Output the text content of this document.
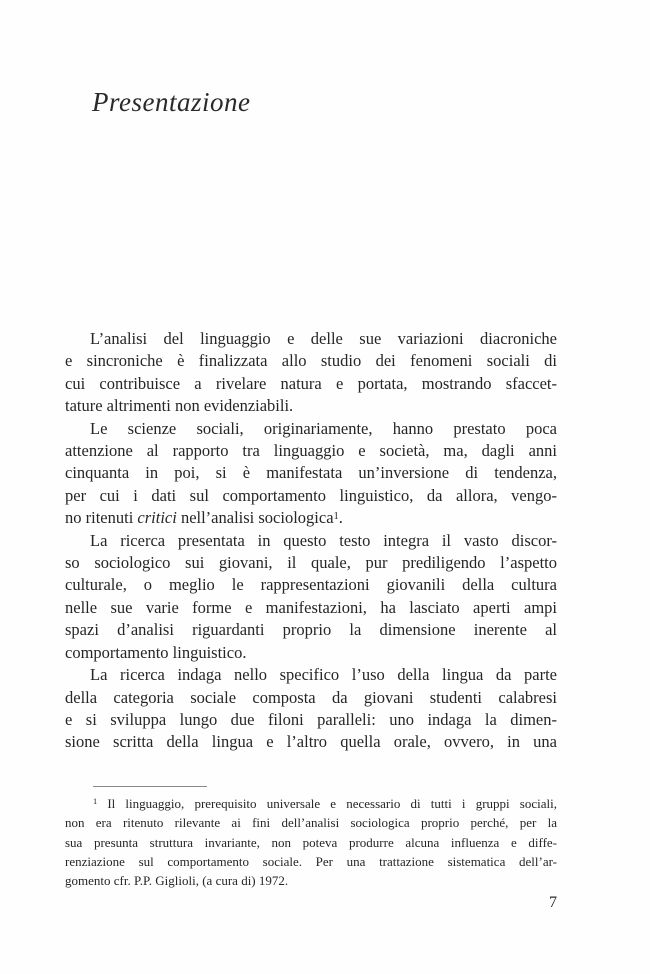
Presentazione
L’analisi del linguaggio e delle sue variazioni diacroniche
e sincroniche è finalizzata allo studio dei fenomeni sociali di
cui contribuisce a rivelare natura e portata, mostrando sfaccet-
tature altrimenti non evidenziabili.
Le scienze sociali, originariamente, hanno prestato poca
attenzione al rapporto tra linguaggio e società, ma, dagli anni
cinquanta in poi, si è manifestata un’inversione di tendenza,
per cui i dati sul comportamento linguistico, da allora, vengo-
no ritenuti critici nell’analisi sociologica$^1$.
La ricerca presentata in questo testo integra il vasto discor-
so sociologico sui giovani, il quale, pur prediligendo l’aspetto
culturale, o meglio le rappresentazioni giovanili della cultura
nelle sue varie forme e manifestazioni, ha lasciato aperti ampi
spazi d’analisi riguardanti proprio la dimensione inerente al
comportamento linguistico.
La ricerca indaga nello specifico l’uso della lingua da parte
della categoria sociale composta da giovani studenti calabresi
e si sviluppa lungo due filoni paralleli: uno indaga la dimen-
sione scritta della lingua e l’altro quella orale, ovvero, in una
$^1$ Il linguaggio, prerequisito universale e necessario di tutti i gruppi sociali,
non era ritenuto rilevante ai fini dell’analisi sociologica proprio perché, per la
sua presunta struttura invariante, non poteva produrre alcuna influenza e diffe-
renziazione sul comportamento sociale. Per una trattazione sistematica dell’ar-
gomento cfr. P.P. Giglioli, (a cura di) 1972.
7
